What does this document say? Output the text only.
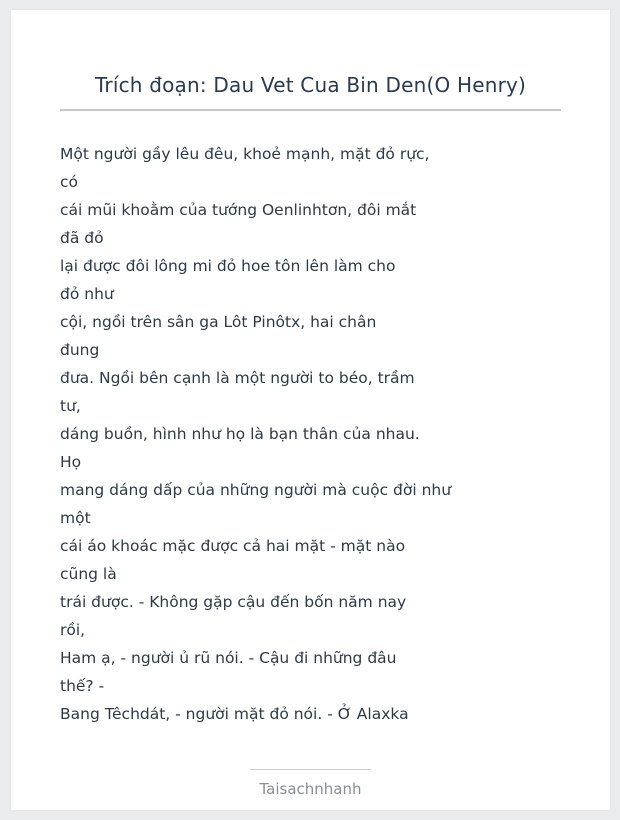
Trích đoạn: Dau Vet Cua Bin Den(O Henry)
Một người gầy lêu đêu, khoẻ mạnh, mặt đỏ rực,
có
cái mũi khoằm của tướng Oenlinhtơn, đôi mắt
đã đỏ
lại được đôi lông mi đỏ hoe tôn lên làm cho
đỏ như
cội, ngồi trên sân ga Lôt Pinôtx, hai chân
đung
đưa. Ngồi bên cạnh là một người to béo, trầm
tư,
dáng buồn, hình như họ là bạn thân của nhau.
Họ
mang dáng dấp của những người mà cuộc đời như
một
cái áo khoác mặc được cả hai mặt - mặt nào
cũng là
trái được. - Không gặp cậu đến bốn năm nay
rồi,
Ham ạ, - người ủ rũ nói. - Cậu đi những đâu
thế? -
Bang Têchdát, - người mặt đỏ nói. - Ở Alaxka
Taisachnhanh
